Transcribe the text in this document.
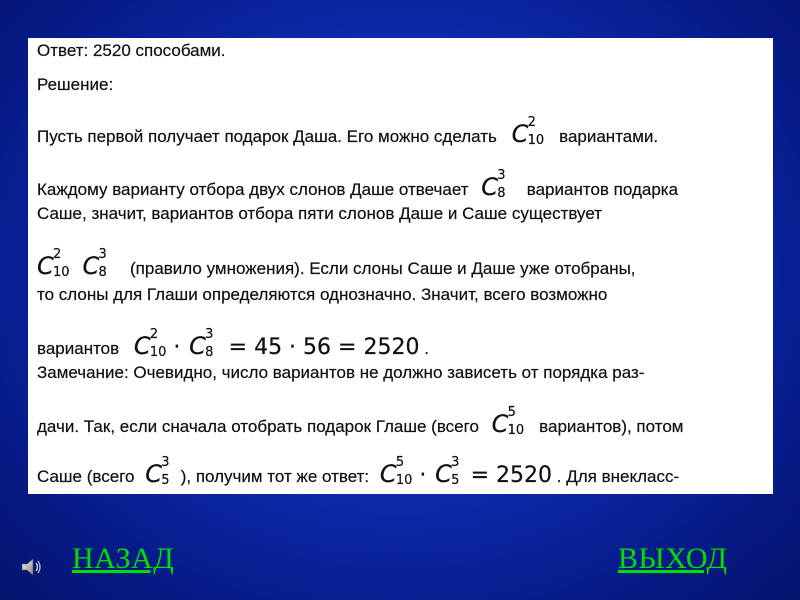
Ответ: 2520 способами.
Решение:
Пусть первой получает подарок Даша. Его можно сделать C 2
10 вариантами.
Каждому варианту отбора двух слонов Даше отвечает C 3
8 вариантов подарка
Саше, значит, вариантов отбора пяти слонов Даше и Саше существует
C 2
10 C 3
8 (правило умножения). Если слоны Саше и Даше уже отобраны,
то слоны для Глаши определяются однозначно. Значит, всего возможно
вариантов C 2
10 · C 3
8 = 45 · 56 = 2520 .
Замечание: Очевидно, число вариантов не должно зависеть от порядка раз-
дачи. Так, если сначала отобрать подарок Глаше (всего C 5
10 вариантов), потом
Саше (всего C 3
5 ), получим тот же ответ: C 5
10 · C 3
5 = 2520 . Для внекласс-
НАЗАД	ВЫХОД
